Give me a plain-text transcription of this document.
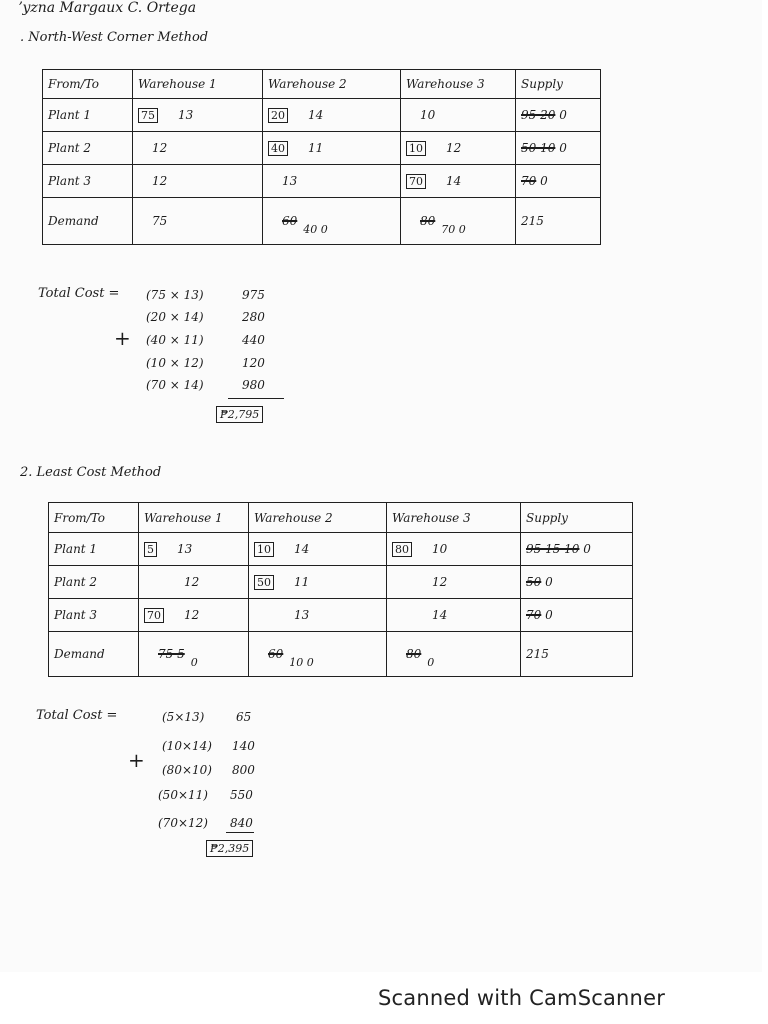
ʼyzna Margaux C. Ortega
. North-West Corner Method
From/To	Warehouse 1	Warehouse 2	Warehouse 3	Supply
Plant 1	75 13	20 14	10	95 20 0
Plant 2	12	40 11	10 12	50 10 0
Plant 3	12	13	70 14	70 0
Demand	75	6040 0	8070 0	215
Total Cost =
+
(75 × 13)	975
(20 × 14)	280
(40 × 11)	440
(10 × 12)	120
(70 × 14)	980
₱2,795
2. Least Cost Method
From/To	Warehouse 1	Warehouse 2	Warehouse 3	Supply
Plant 1	5 13	10 14	80 10	95 15 10 0
Plant 2	12	50 11	12	50 0
Plant 3	70 12	13	14	70 0
Demand	75 50	6010 0	800	215
Total Cost =
+
(5×13)	65
(10×14) 140
(80×10) 800
(50×11) 550
(70×12) 840
₱2,395
Scanned with CamScanner
